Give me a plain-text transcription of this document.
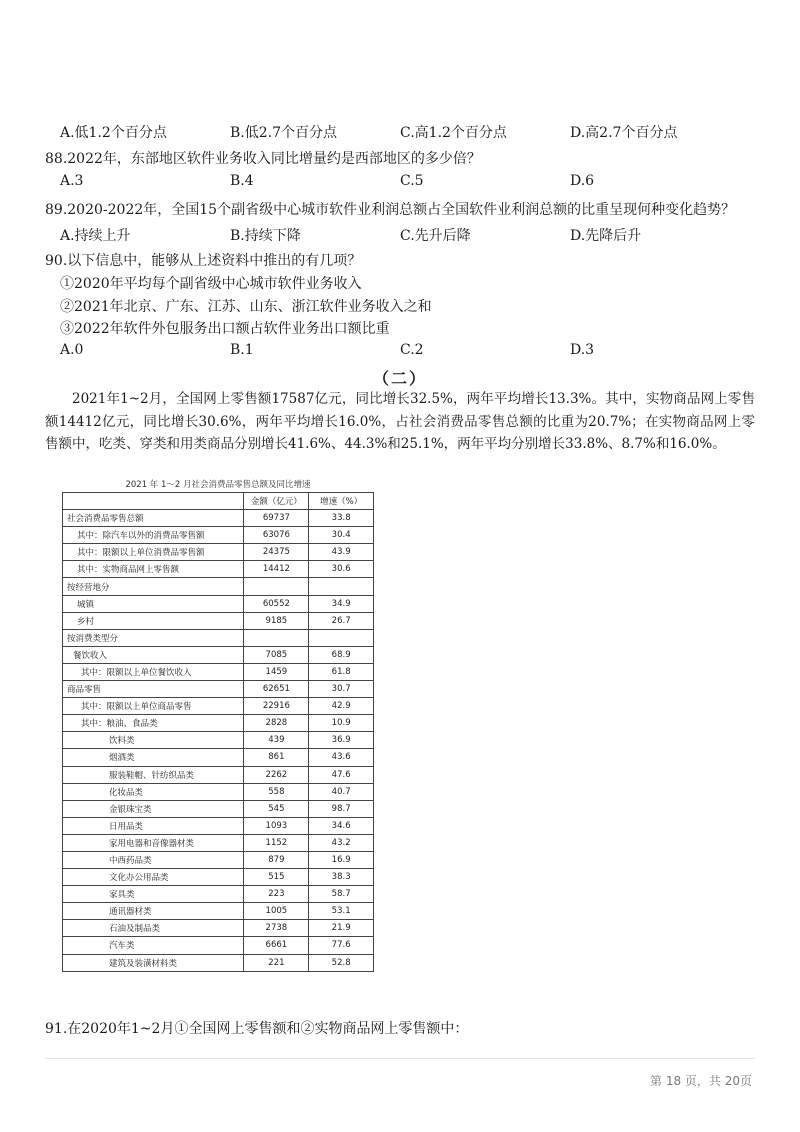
A.低1.2个百分点	B.低2.7个百分点	C.高1.2个百分点	D.高2.7个百分点
88.2022年，东部地区软件业务收入同比增量约是西部地区的多少倍？
A.3	B.4	C.5	D.6
89.2020-2022年，全国15个副省级中心城市软件业利润总额占全国软件业利润总额的比重呈现何种变化趋势？
A.持续上升	B.持续下降	C.先升后降	D.先降后升
90.以下信息中，能够从上述资料中推出的有几项？
①2020年平均每个副省级中心城市软件业务收入
②2021年北京、广东、江苏、山东、浙江软件业务收入之和
③2022年软件外包服务出口额占软件业务出口额比重
A.0	B.1	C.2	D.3
（二）
2021年1~2月，全国网上零售额17587亿元，同比增长32.5%，两年平均增长13.3%。其中，实物商品网上零售额14412亿元，同比增长30.6%，两年平均增长16.0%，占社会消费品零售总额的比重为20.7%；在实物商品网上零售额中，吃类、穿类和用类商品分别增长41.6%、44.3%和25.1%，两年平均分别增长33.8%、8.7%和16.0%。
2021 年 1～2 月社会消费品零售总额及同比增速
	金额（亿元）	增速（%）
社会消费品零售总额	69737	33.8
其中：除汽车以外的消费品零售额	63076	30.4
其中：限额以上单位消费品零售额	24375	43.9
其中：实物商品网上零售额	14412	30.6
按经营地分		
城镇	60552	34.9
乡村	9185	26.7
按消费类型分		
餐饮收入	7085	68.9
其中：限额以上单位餐饮收入	1459	61.8
商品零售	62651	30.7
其中：限额以上单位商品零售	22916	42.9
其中：粮油、食品类	2828	10.9
饮料类	439	36.9
烟酒类	861	43.6
服装鞋帽、针纺织品类	2262	47.6
化妆品类	558	40.7
金银珠宝类	545	98.7
日用品类	1093	34.6
家用电器和音像器材类	1152	43.2
中西药品类	879	16.9
文化办公用品类	515	38.3
家具类	223	58.7
通讯器材类	1005	53.1
石油及制品类	2738	21.9
汽车类	6661	77.6
建筑及装潢材料类	221	52.8
91.在2020年1~2月①全国网上零售额和②实物商品网上零售额中：
第 18 页，共 20页
